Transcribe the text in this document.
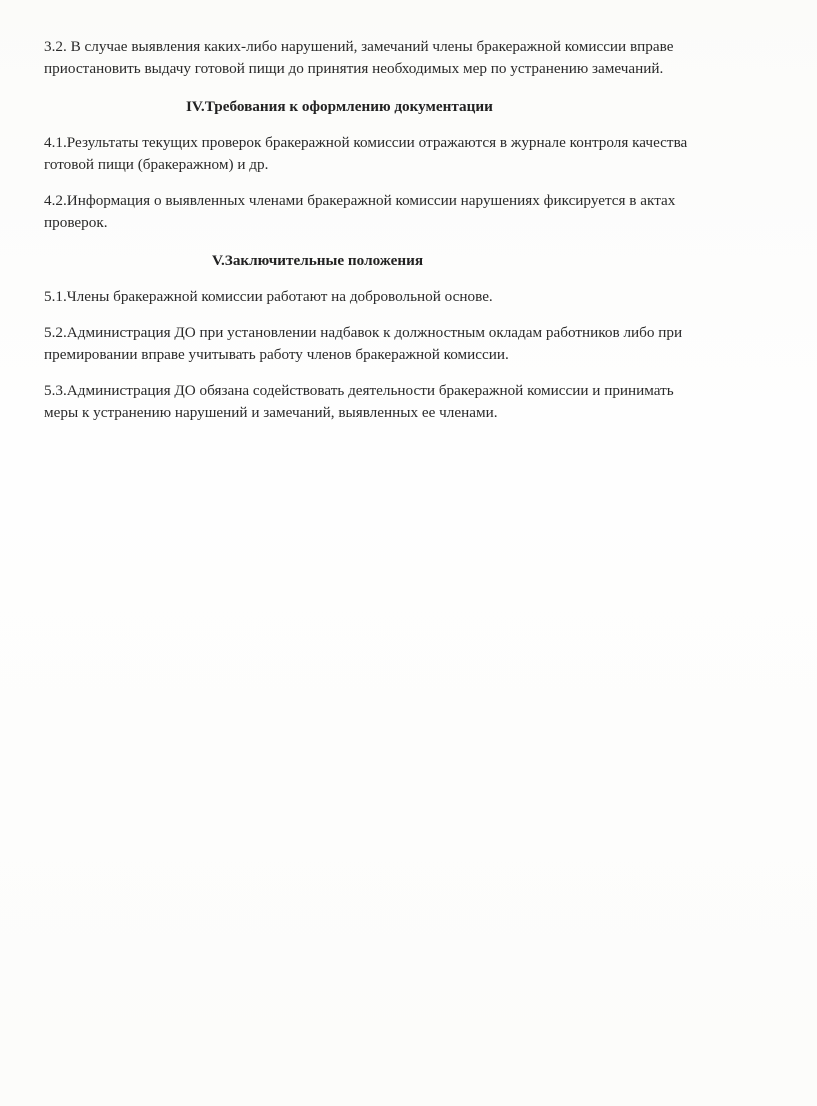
3.2. В случае выявления каких-либо нарушений, замечаний члены бракеражной комиссии вправе
приостановить выдачу готовой пищи до принятия необходимых мер по устранению замечаний.

IV.Требования к оформлению документации

4.1.Результаты текущих проверок бракеражной комиссии отражаются в журнале контроля качества
готовой пищи (бракеражном) и др.

4.2.Информация о выявленных членами бракеражной комиссии нарушениях фиксируется в актах
проверок.

V.Заключительные положения

5.1.Члены бракеражной комиссии работают на добровольной основе.

5.2.Администрация ДО при установлении надбавок к должностным окладам работников либо при
премировании вправе учитывать работу членов бракеражной комиссии.

5.3.Администрация ДО обязана содействовать деятельности бракеражной комиссии и принимать
меры к устранению нарушений и замечаний, выявленных ее членами.
